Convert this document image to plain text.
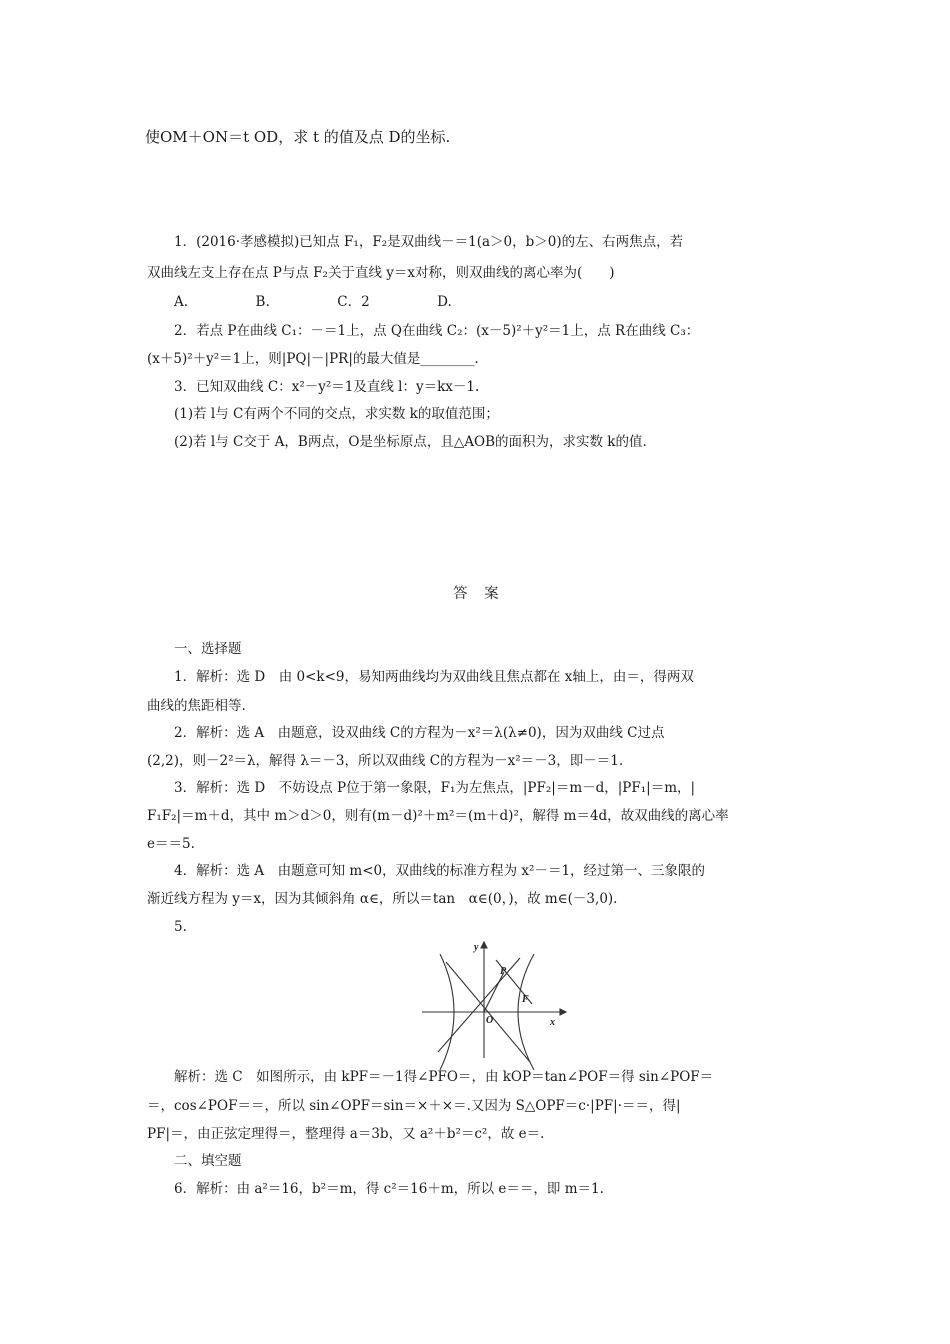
使OM＋ON＝t OD，求 t 的值及点 D的坐标.
1．(2016·孝感模拟)已知点 F₁，F₂是双曲线－＝1(a＞0，b＞0)的左、右两焦点，若
双曲线左支上存在点 P与点 F₂关于直线 y＝x对称，则双曲线的离心率为(　　)
A.　　　　　B.　　　　　C．2　　　　　D.
2．若点 P在曲线 C₁：－＝1上，点 Q在曲线 C₂：(x－5)²＋y²＝1上，点 R在曲线 C₃：
(x＋5)²＋y²＝1上，则|PQ|－|PR|的最大值是________.
3．已知双曲线 C：x²－y²＝1及直线 l：y＝kx－1.
(1)若 l与 C有两个不同的交点，求实数 k的取值范围；
(2)若 l与 C交于 A，B两点，O是坐标原点，且△AOB的面积为，求实数 k的值.
答 案
一、选择题
1．解析：选 D　由 0<k<9，易知两曲线均为双曲线且焦点都在 x轴上，由＝，得两双
曲线的焦距相等.
2．解析：选 A　由题意，设双曲线 C的方程为－x²＝λ(λ≠0)，因为双曲线 C过点
(2,2)，则－2²＝λ，解得 λ＝－3，所以双曲线 C的方程为－x²＝－3，即－＝1.
3．解析：选 D　不妨设点 P位于第一象限，F₁为左焦点，|PF₂|＝m－d，|PF₁|＝m，|
F₁F₂|＝m＋d，其中 m＞d＞0，则有(m－d)²＋m²＝(m＋d)²，解得 m＝4d，故双曲线的离心率
e＝＝5.
4．解析：选 A　由题意可知 m<0，双曲线的标准方程为 x²－＝1，经过第一、三象限的
渐近线方程为 y＝x，因为其倾斜角 α∈，所以＝tan　α∈(0，)，故 m∈(－3,0).
5.
y
x
P
F
O
解析：选 C　如图所示，由 kPF＝－1得∠PFO＝，由 kOP＝tan∠POF＝得 sin∠POF＝
＝，cos∠POF＝＝，所以 sin∠OPF＝sin＝×＋×＝.又因为 S△OPF＝c·|PF|·＝＝，得|
PF|＝，由正弦定理得＝，整理得 a＝3b，又 a²＋b²＝c²，故 e＝.
二、填空题
6．解析：由 a²＝16，b²＝m，得 c²＝16＋m，所以 e＝＝，即 m＝1.
